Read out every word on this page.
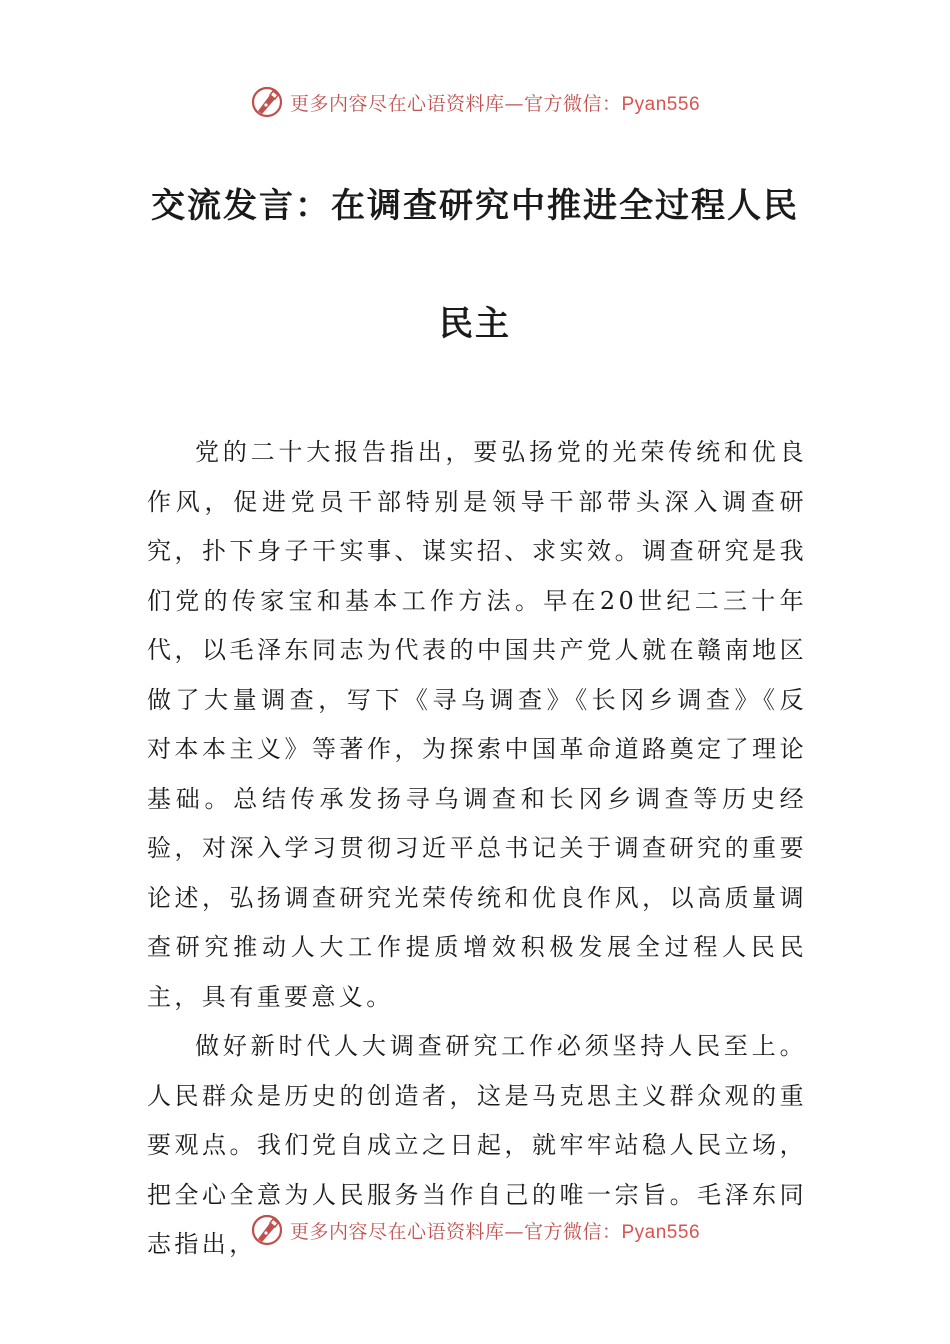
更多内容尽在心语资料库—官方微信：Pyan556
交流发言：在调查研究中推进全过程人民
民主

党的二十大报告指出，要弘扬党的光荣传统和优良作风，促进党员干部特别是领导干部带头深入调查研究，扑下身子干实事、谋实招、求实效。调查研究是我们党的传家宝和基本工作方法。早在20世纪二三十年代，以毛泽东同志为代表的中国共产党人就在赣南地区做了大量调查，写下《寻乌调查》《长冈乡调查》《反对本本主义》等著作，为探索中国革命道路奠定了理论基础。总结传承发扬寻乌调查和长冈乡调查等历史经验，对深入学习贯彻习近平总书记关于调查研究的重要论述，弘扬调查研究光荣传统和优良作风，以高质量调查研究推动人大工作提质增效积极发展全过程人民民主，具有重要意义。

做好新时代人大调查研究工作必须坚持人民至上。人民群众是历史的创造者，这是马克思主义群众观的重要观点。我们党自成立之日起，就牢牢站稳人民立场，把全心全意为人民服务当作自己的唯一宗旨。毛泽东同志指出，	更多内容尽在心语资料库—官方微信：Pyan556
